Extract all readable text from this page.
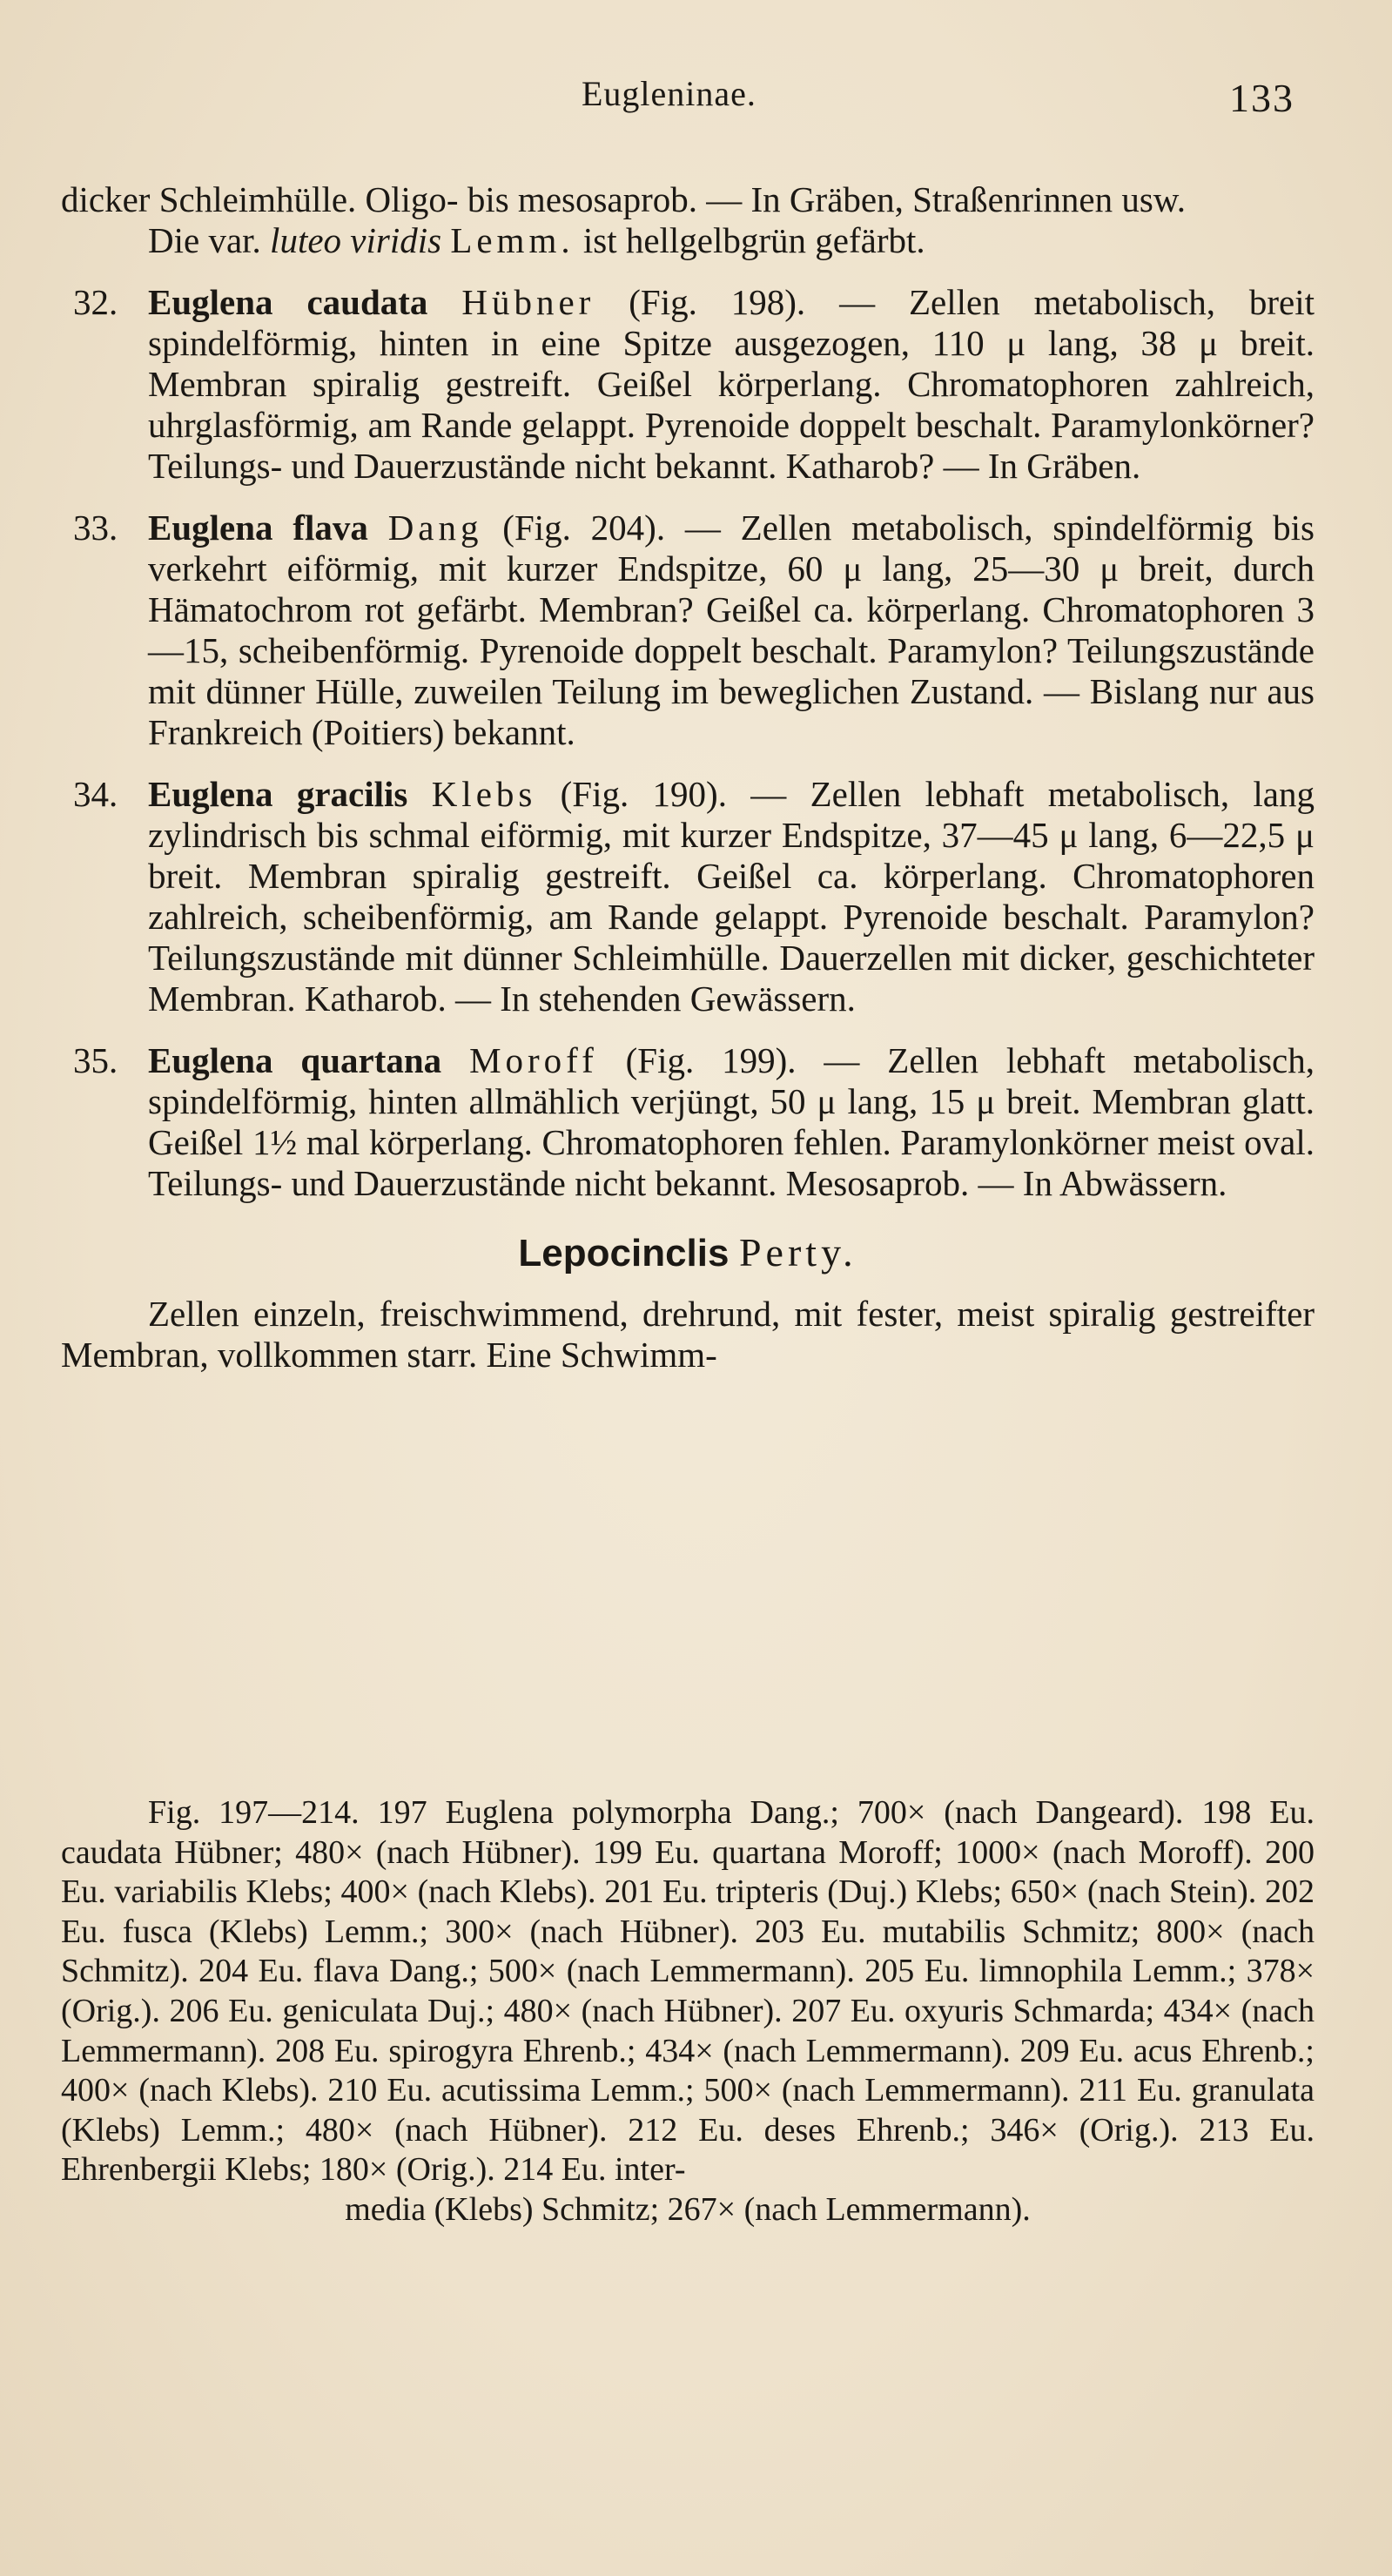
Eugleninae.	133

dicker Schleimhülle. Oligo- bis mesosaprob. — In Gräben, Straßenrinnen usw.

Die var. luteo viridis Lemm. ist hellgelbgrün gefärbt.

32. Euglena caudata Hübner (Fig. 198). — Zellen metabolisch, breit spindelförmig, hinten in eine Spitze ausgezogen, 110 μ lang, 38 μ breit. Membran spiralig gestreift. Geißel körperlang. Chromatophoren zahlreich, uhrglasförmig, am Rande gelappt. Pyrenoide doppelt beschalt. Paramylonkörner? Teilungs- und Dauerzustände nicht bekannt. Katharob? — In Gräben.
33. Euglena flava Dang (Fig. 204). — Zellen metabolisch, spindelförmig bis verkehrt eiförmig, mit kurzer Endspitze, 60 μ lang, 25—30 μ breit, durch Hämatochrom rot gefärbt. Membran? Geißel ca. körperlang. Chromatophoren 3—15, scheibenförmig. Pyrenoide doppelt beschalt. Paramylon? Teilungszustände mit dünner Hülle, zuweilen Teilung im beweglichen Zustand. — Bislang nur aus Frankreich (Poitiers) bekannt.
34. Euglena gracilis Klebs (Fig. 190). — Zellen lebhaft metabolisch, lang zylindrisch bis schmal eiförmig, mit kurzer Endspitze, 37—45 μ lang, 6—22,5 μ breit. Membran spiralig gestreift. Geißel ca. körperlang. Chromatophoren zahlreich, scheibenförmig, am Rande gelappt. Pyrenoide beschalt. Paramylon? Teilungszustände mit dünner Schleimhülle. Dauerzellen mit dicker, geschichteter Membran. Katharob. — In stehenden Gewässern.
35. Euglena quartana Moroff (Fig. 199). — Zellen lebhaft metabolisch, spindelförmig, hinten allmählich verjüngt, 50 μ lang, 15 μ breit. Membran glatt. Geißel 1½ mal körperlang. Chromatophoren fehlen. Paramylonkörner meist oval. Teilungs- und Dauerzustände nicht bekannt. Mesosaprob. — In Abwässern.
Lepocinclis Perty.

Zellen einzeln, freischwimmend, drehrund, mit fester, meist spiralig gestreifter Membran, vollkommen starr. Eine Schwimm-

Fig. 197—214. 197 Euglena polymorpha Dang.; 700× (nach Dangeard). 198 Eu. caudata Hübner; 480× (nach Hübner). 199 Eu. quartana Moroff; 1000× (nach Moroff). 200 Eu. variabilis Klebs; 400× (nach Klebs). 201 Eu. tripteris (Duj.) Klebs; 650× (nach Stein). 202 Eu. fusca (Klebs) Lemm.; 300× (nach Hübner). 203 Eu. mutabilis Schmitz; 800× (nach Schmitz). 204 Eu. flava Dang.; 500× (nach Lemmermann). 205 Eu. limnophila Lemm.; 378× (Orig.). 206 Eu. geniculata Duj.; 480× (nach Hübner). 207 Eu. oxyuris Schmarda; 434× (nach Lemmermann). 208 Eu. spirogyra Ehrenb.; 434× (nach Lemmermann). 209 Eu. acus Ehrenb.; 400× (nach Klebs). 210 Eu. acutissima Lemm.; 500× (nach Lemmermann). 211 Eu. granulata (Klebs) Lemm.; 480× (nach Hübner). 212 Eu. deses Ehrenb.; 346× (Orig.). 213 Eu. Ehrenbergii Klebs; 180× (Orig.). 214 Eu. inter-

media (Klebs) Schmitz; 267× (nach Lemmermann).
